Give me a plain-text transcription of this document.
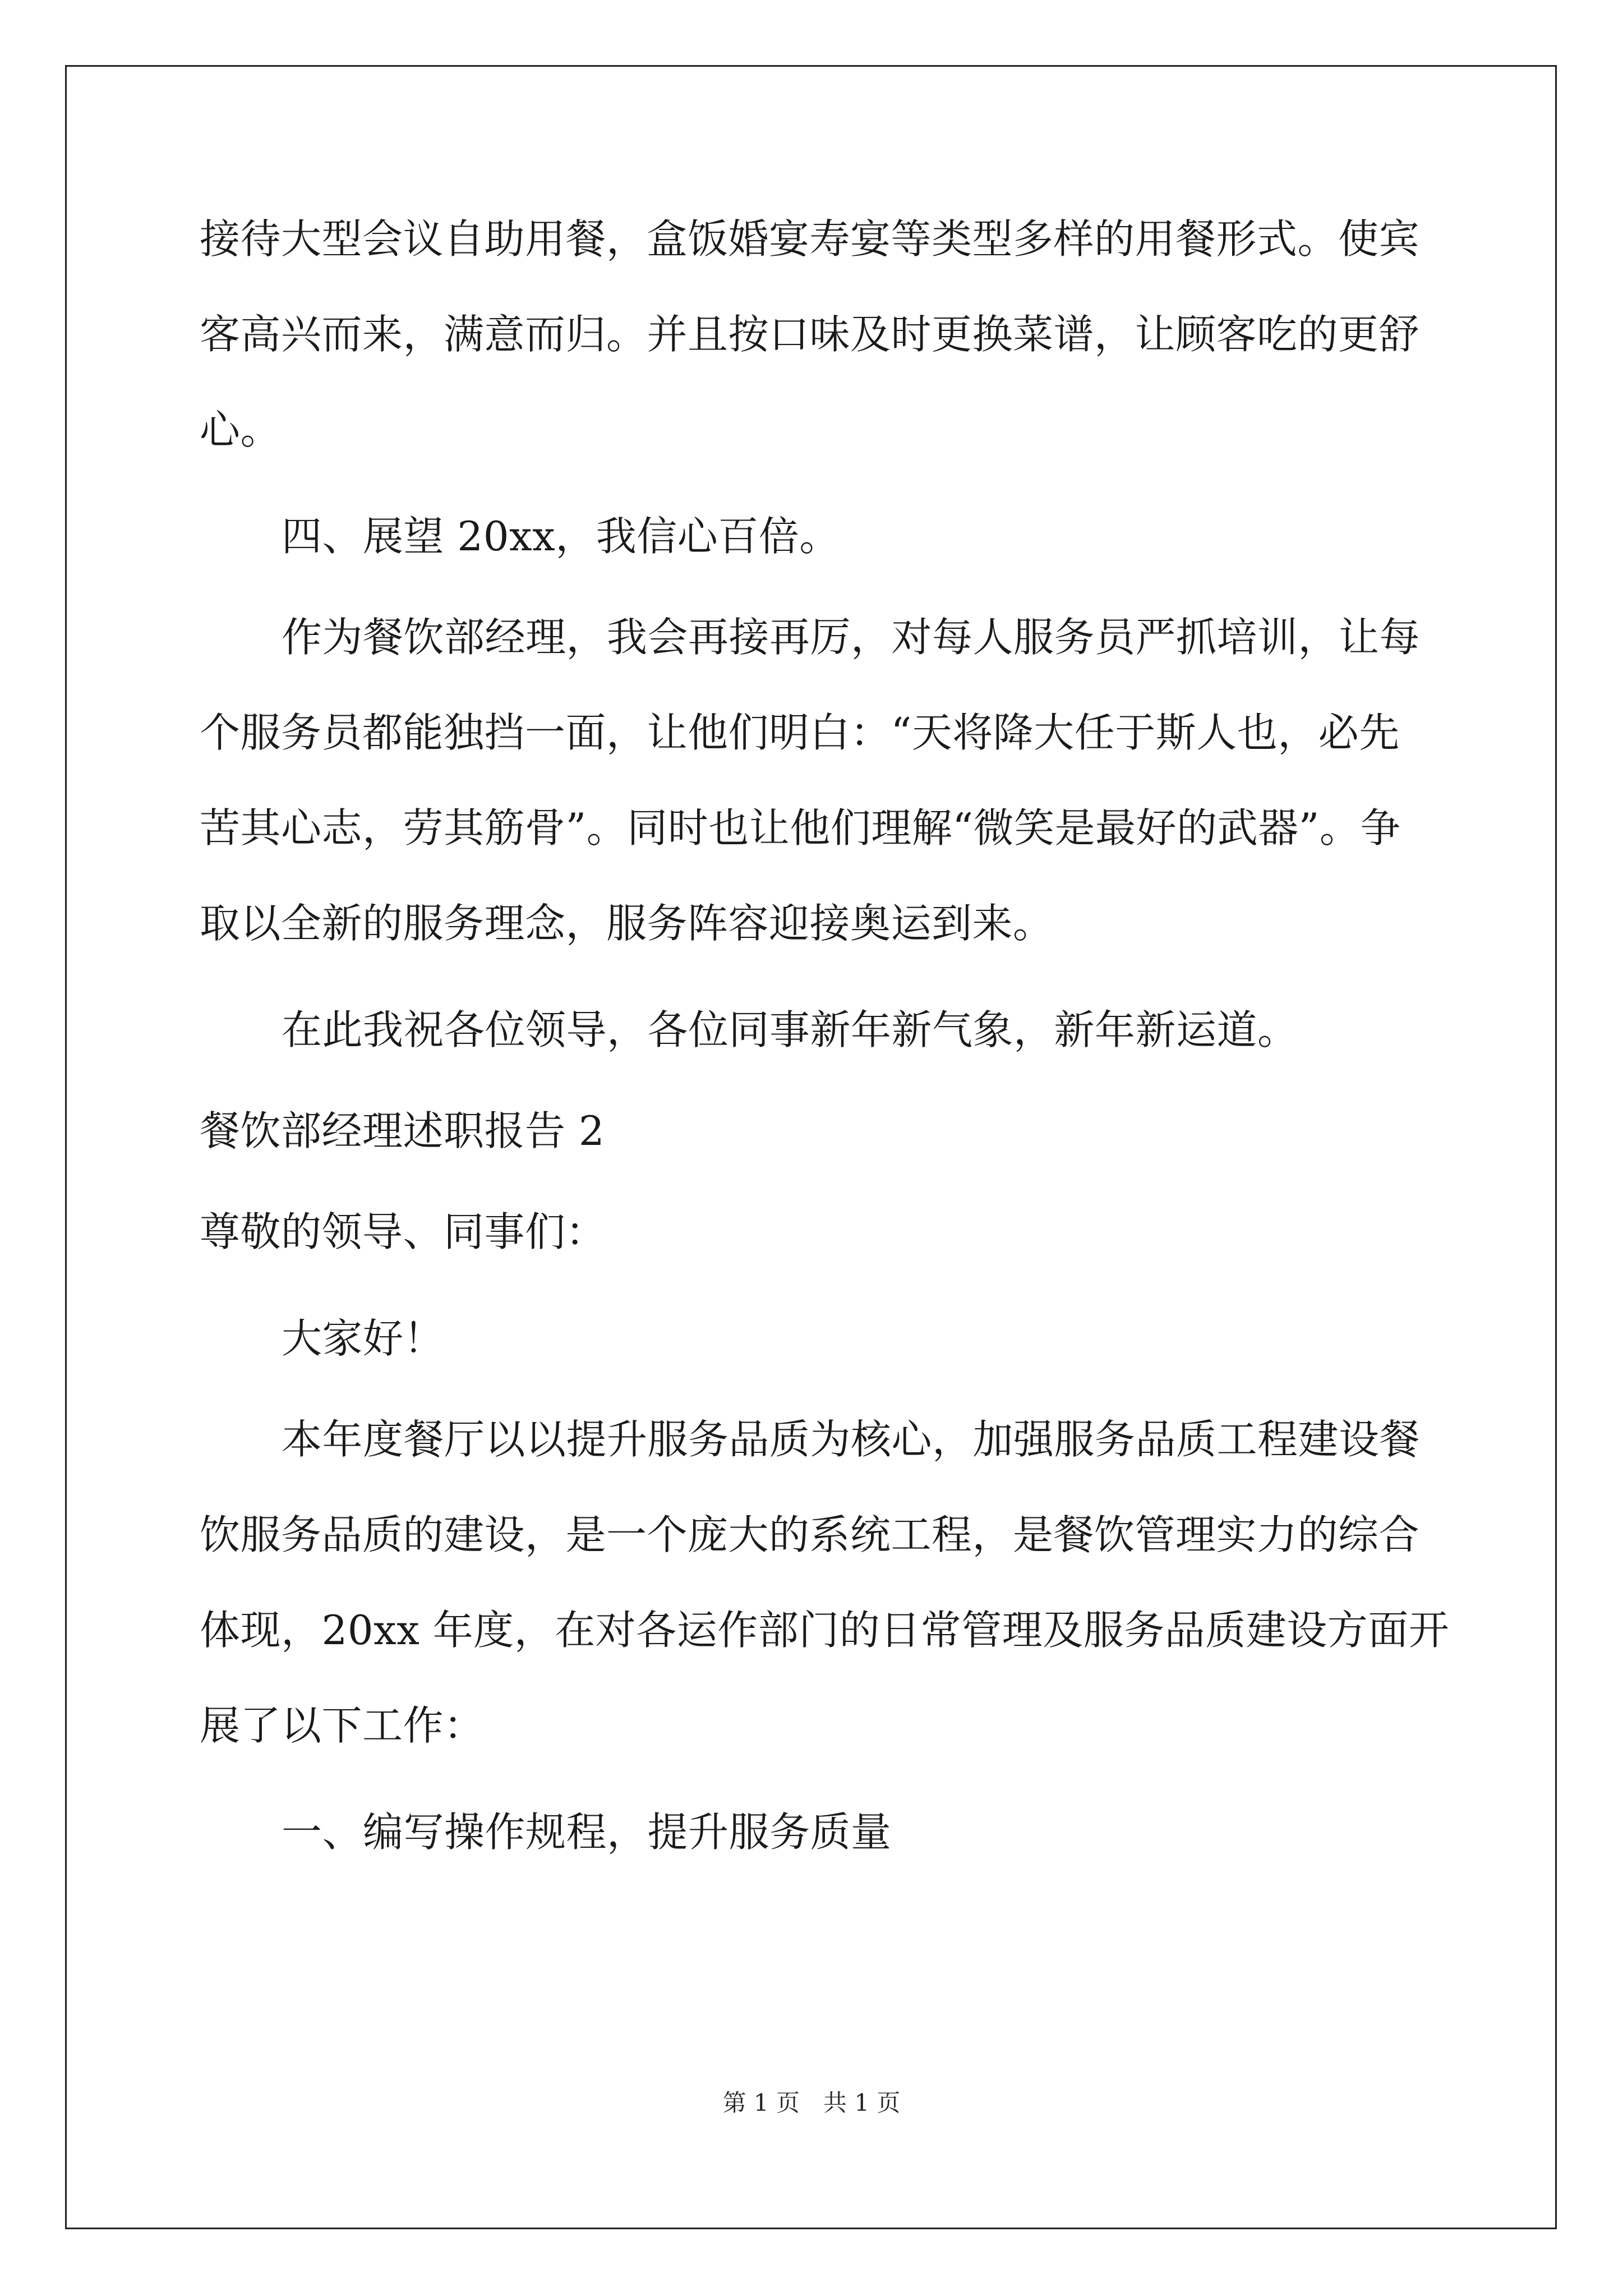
接待大型会议自助用餐，盒饭婚宴寿宴等类型多样的用餐形式。使宾
客高兴而来，满意而归。并且按口味及时更换菜谱，让顾客吃的更舒
心。
四、展望 20xx，我信心百倍。
作为餐饮部经理，我会再接再厉，对每人服务员严抓培训，让每
个服务员都能独挡一面，让他们明白：“天将降大任于斯人也，必先
苦其心志，劳其筋骨”。同时也让他们理解“微笑是最好的武器”。争
取以全新的服务理念，服务阵容迎接奥运到来。
在此我祝各位领导，各位同事新年新气象，新年新运道。
餐饮部经理述职报告 2
尊敬的领导、同事们：
大家好！
本年度餐厅以以提升服务品质为核心，加强服务品质工程建设餐
饮服务品质的建设，是一个庞大的系统工程，是餐饮管理实力的综合
体现，20xx 年度，在对各运作部门的日常管理及服务品质建设方面开
展了以下工作：
一、编写操作规程，提升服务质量
第 1 页　共 1 页
